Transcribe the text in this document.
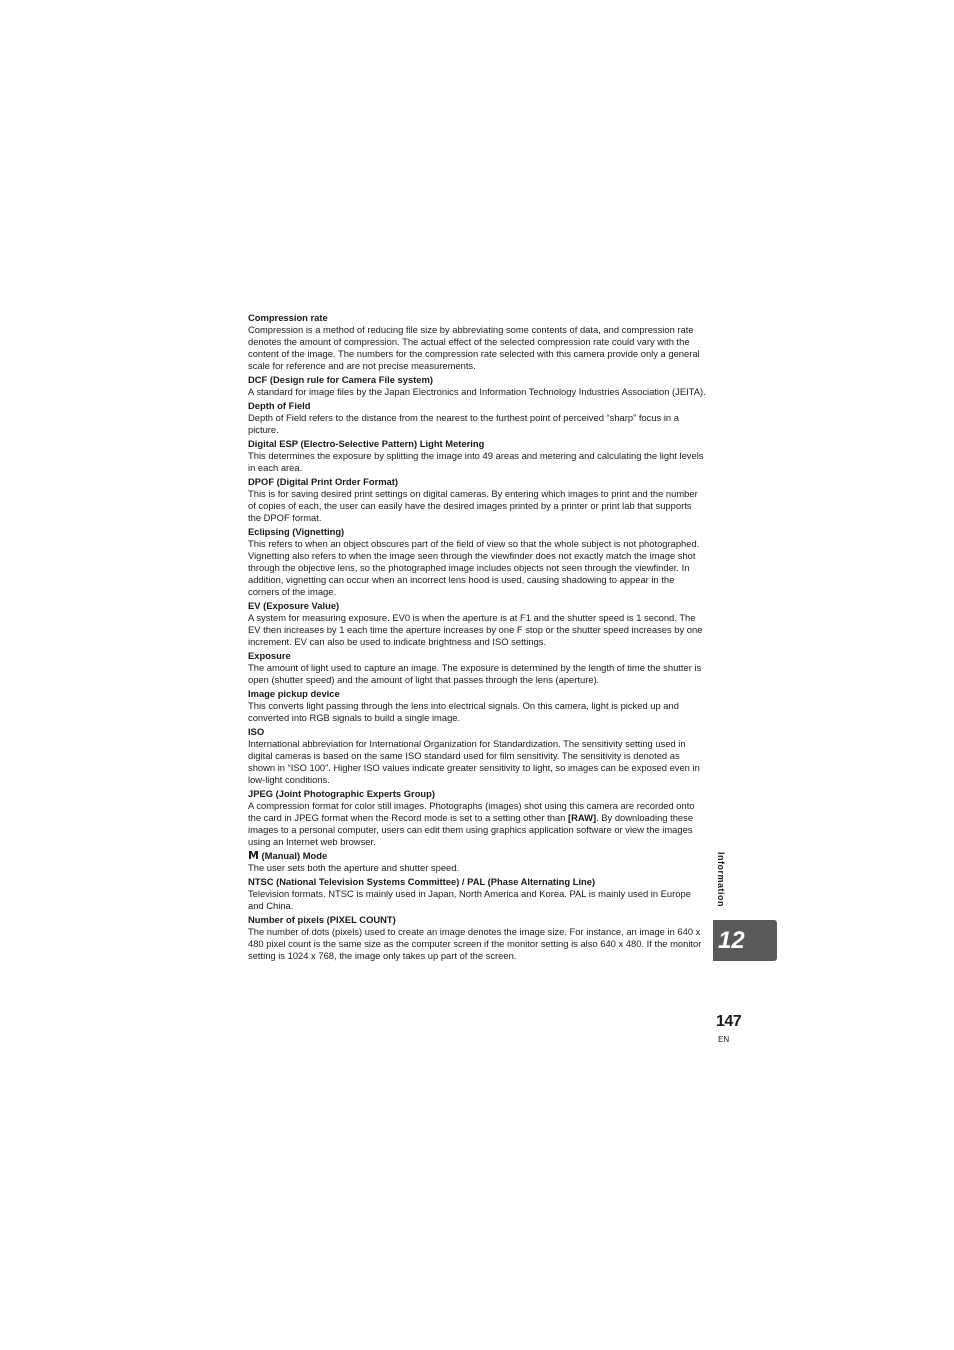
Compression rate

Compression is a method of reducing file size by abbreviating some contents of data, and compression rate denotes the amount of compression. The actual effect of the selected compression rate could vary with the content of the image. The numbers for the compression rate selected with this camera provide only a general scale for reference and are not precise measurements.

DCF (Design rule for Camera File system)

A standard for image files by the Japan Electronics and Information Technology Industries Association (JEITA).

Depth of Field

Depth of Field refers to the distance from the nearest to the furthest point of perceived “sharp” focus in a picture.

Digital ESP (Electro-Selective Pattern) Light Metering

This determines the exposure by splitting the image into 49 areas and metering and calculating the light levels in each area.

DPOF (Digital Print Order Format)

This is for saving desired print settings on digital cameras. By entering which images to print and the number of copies of each, the user can easily have the desired images printed by a printer or print lab that supports the DPOF format.

Eclipsing (Vignetting)

This refers to when an object obscures part of the field of view so that the whole subject is not photographed. Vignetting also refers to when the image seen through the viewfinder does not exactly match the image shot through the objective lens, so the photographed image includes objects not seen through the viewfinder. In addition, vignetting can occur when an incorrect lens hood is used, causing shadowing to appear in the corners of the image.

EV (Exposure Value)

A system for measuring exposure. EV0 is when the aperture is at F1 and the shutter speed is 1 second. The EV then increases by 1 each time the aperture increases by one F stop or the shutter speed increases by one increment. EV can also be used to indicate brightness and ISO settings.

Exposure

The amount of light used to capture an image. The exposure is determined by the length of time the shutter is open (shutter speed) and the amount of light that passes through the lens (aperture).

Image pickup device

This converts light passing through the lens into electrical signals. On this camera, light is picked up and converted into RGB signals to build a single image.

ISO

International abbreviation for International Organization for Standardization. The sensitivity setting used in digital cameras is based on the same ISO standard used for film sensitivity. The sensitivity is denoted as shown in “ISO 100”. Higher ISO values indicate greater sensitivity to light, so images can be exposed even in low-light conditions.

JPEG (Joint Photographic Experts Group)

A compression format for color still images. Photographs (images) shot using this camera are recorded onto the card in JPEG format when the Record mode is set to a setting other than [RAW]. By downloading these images to a personal computer, users can edit them using graphics application software or view the images using an Internet web browser.

M (Manual) Mode

The user sets both the aperture and shutter speed.

NTSC (National Television Systems Committee) / PAL (Phase Alternating Line)

Television formats. NTSC is mainly used in Japan, North America and Korea. PAL is mainly used in Europe and China.

Number of pixels (PIXEL COUNT)

The number of dots (pixels) used to create an image denotes the image size. For instance, an image in 640 x 480 pixel count is the same size as the computer screen if the monitor setting is also 640 x 480. If the monitor setting is 1024 x 768, the image only takes up part of the screen.

Information
12
147
EN
